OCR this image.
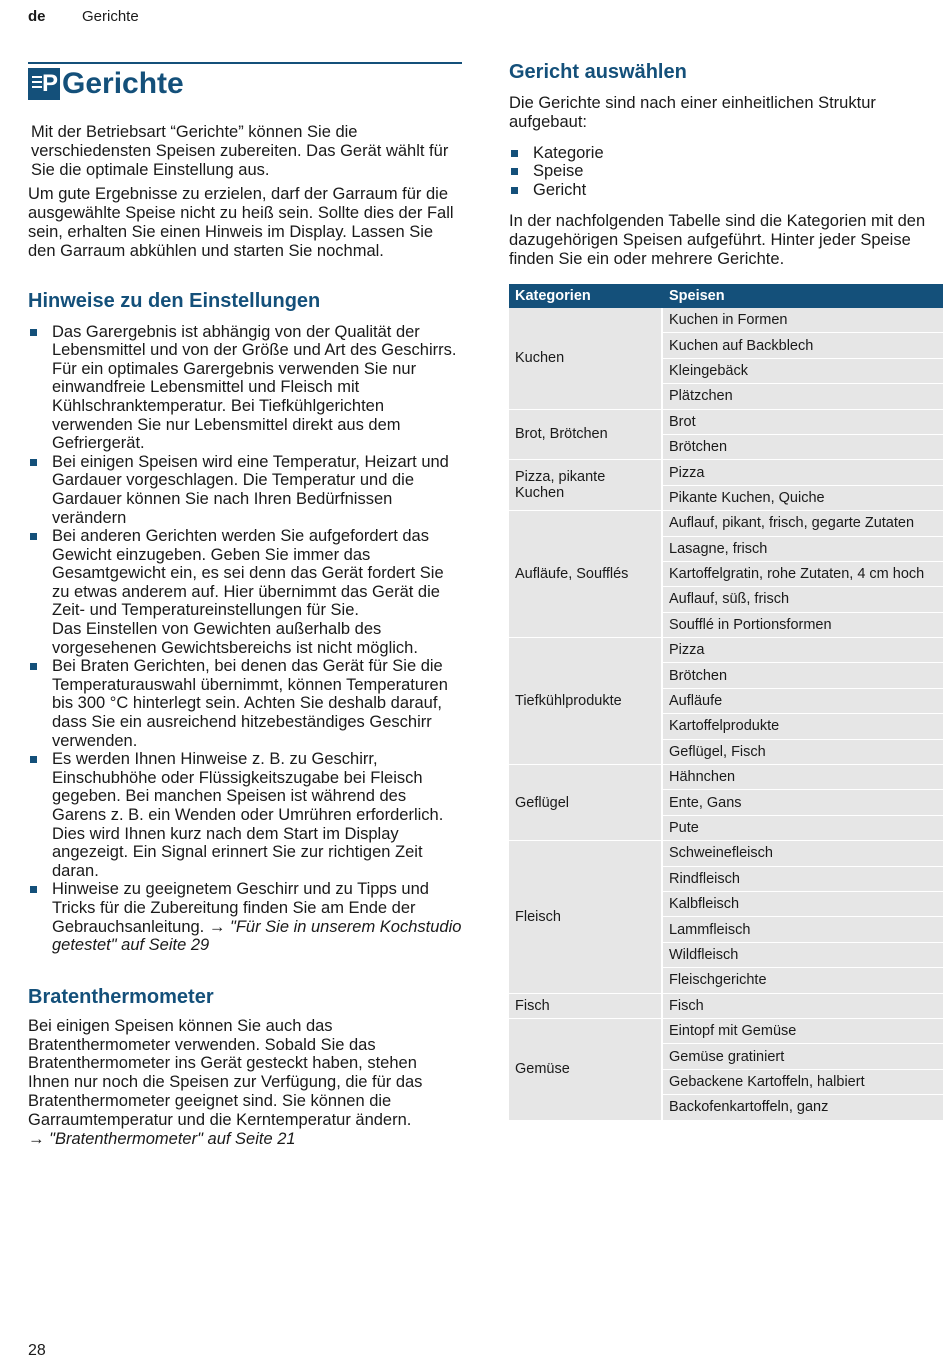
de Gerichte
P Gerichte

Mit der Betriebsart “Gerichte” können Sie die verschiedensten Speisen zubereiten. Das Gerät wählt für Sie die optimale Einstellung aus.

Um gute Ergebnisse zu erzielen, darf der Garraum für die ausgewählte Speise nicht zu heiß sein. Sollte dies der Fall sein, erhalten Sie einen Hinweis im Display. Lassen Sie den Garraum abkühlen und starten Sie nochmal.

Hinweise zu den Einstellungen
Das Garergebnis ist abhängig von der Qualität der Lebensmittel und von der Größe und Art des Geschirrs. Für ein optimales Garergebnis verwenden Sie nur einwandfreie Lebensmittel und Fleisch mit Kühlschranktemperatur. Bei Tiefkühlgerichten verwenden Sie nur Lebensmittel direkt aus dem Gefriergerät.
Bei einigen Speisen wird eine Temperatur, Heizart und Gardauer vorgeschlagen. Die Temperatur und die Gardauer können Sie nach Ihren Bedürfnissen verändern
Bei anderen Gerichten werden Sie aufgefordert das Gewicht einzugeben. Geben Sie immer das Gesamtgewicht ein, es sei denn das Gerät fordert Sie zu etwas anderem auf. Hier übernimmt das Gerät die Zeit- und Temperatureinstellungen für Sie.
Das Einstellen von Gewichten außerhalb des vorgesehenen Gewichtsbereichs ist nicht möglich.
Bei Braten Gerichten, bei denen das Gerät für Sie die Temperaturauswahl übernimmt, können Temperaturen bis 300 °C hinterlegt sein. Achten Sie deshalb darauf, dass Sie ein ausreichend hitzebeständiges Geschirr verwenden.
Es werden Ihnen Hinweise z. B. zu Geschirr, Einschubhöhe oder Flüssigkeitszugabe bei Fleisch gegeben. Bei manchen Speisen ist während des Garens z. B. ein Wenden oder Umrühren erforderlich. Dies wird Ihnen kurz nach dem Start im Display angezeigt. Ein Signal erinnert Sie zur richtigen Zeit daran.
Hinweise zu geeignetem Geschirr und zu Tipps und Tricks für die Zubereitung finden Sie am Ende der Gebrauchsanleitung. → "Für Sie in unserem Kochstudio getestet" auf Seite 29
Bratenthermometer

Bei einigen Speisen können Sie auch das Bratenthermometer verwenden. Sobald Sie das Bratenthermometer ins Gerät gesteckt haben, stehen Ihnen nur noch die Speisen zur Verfügung, die für das Bratenthermometer geeignet sind. Sie können die Garraumtemperatur und die Kerntemperatur ändern.
→ "Bratenthermometer" auf Seite 21

Gericht auswählen

Die Gerichte sind nach einer einheitlichen Struktur aufgebaut:

Kategorie
Speise
Gericht

In der nachfolgenden Tabelle sind die Kategorien mit den dazugehörigen Speisen aufgeführt. Hinter jeder Speise finden Sie ein oder mehrere Gerichte.

Kategorien	Speisen
Kuchen	Kuchen in Formen
	Kuchen auf Backblech
	Kleingebäck
	Plätzchen
Brot, Brötchen	Brot
	Brötchen
Pizza, pikante Kuchen	Pizza
	Pikante Kuchen, Quiche
Aufläufe, Soufflés	Auflauf, pikant, frisch, gegarte Zutaten
	Lasagne, frisch
	Kartoffelgratin, rohe Zutaten, 4 cm hoch
	Auflauf, süß, frisch
	Soufflé in Portionsformen
Tiefkühlprodukte	Pizza
	Brötchen
	Aufläufe
	Kartoffelprodukte
	Geflügel, Fisch
Geflügel	Hähnchen
	Ente, Gans
	Pute
Fleisch	Schweinefleisch
	Rindfleisch
	Kalbfleisch
	Lammfleisch
	Wildfleisch
	Fleischgerichte
Fisch	Fisch
Gemüse	Eintopf mit Gemüse
	Gemüse gratiniert
	Gebackene Kartoffeln, halbiert
	Backofenkartoffeln, ganz
28
